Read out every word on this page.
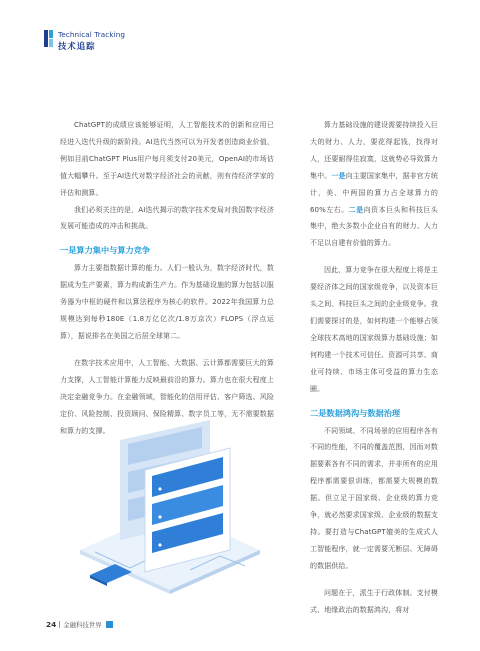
Technical Tracking
技术追踪

ChatGPT的成绩应该能够证明，人工智能技术的创新和应用已经进入迭代升级的新阶段。AI迭代当然可以为开发者创造商业价值，例如目前ChatGPT Plus用户每月须支付20美元，OpenAI的市场估值大幅攀升。至于AI迭代对数字经济社会的贡献，则有待经济学家的评估和测算。

我们必须关注的是，AI迭代揭示的数字技术变局对我国数字经济发展可能造成的冲击和挑战。

一是算力集中与算力竞争

算力主要指数据计算的能力。人们一般认为，数字经济时代，数据成为生产要素，算力构成新生产力。作为基础设施的算力包括以服务器为中枢的硬件和以算法程序为核心的软件。2022年我国算力总规模达到每秒180E（1.8万亿亿次/1.8万京次）FLOPS（浮点运算），据说排名在美国之后居全球第二。

在数字技术应用中，人工智能、大数据、云计算都需要巨大的算力支撑，人工智能计算能力反映最前沿的算力。算力也在很大程度上决定金融竞争力。在金融领域，智能化的信用评估、客户筛选、风险定价、风险控制、投资顾问、保险精算、数字员工等，无不需要数据和算力的支撑。

算力基础设施的建设需要持续投入巨大的财力、人力，要花得起钱，找得对人，还要耐得住寂寞，这就势必导致算力集中。一是向主要国家集中，据非官方统计，美、中两国的算力占全球算力的60%左右。二是向资本巨头和科技巨头集中，绝大多数小企业自有的财力、人力不足以自建有价值的算力。

因此，算力竞争在很大程度上将是主要经济体之间的国家级竞争，以及资本巨头之间、科技巨头之间的企业级竞争。我们需要探讨的是，如何构建一个能够占领全球技术高地的国家级算力基础设施；如何构建一个技术可信任、资源可共享、商业可持续、市场主体可受益的算力生态圈。

二是数据鸿沟与数据治理

不同领域、不同场景的应用程序各有不同的性能，不同的覆盖范围，因而对数据要素各有不同的需求，并非所有的应用程序都需要很训练，都需要大规模的数据。但立足于国家级、企业级的算力竞争，就必然要求国家级、企业级的数据支持。要打造与ChatGPT媲美的生成式人工智能程序，就一定需要无断层、无障碍的数据供给。

问题在于，派生于行政体制、支付模式、地缘政治的数据鸿沟，将对

24 金融科技世界
